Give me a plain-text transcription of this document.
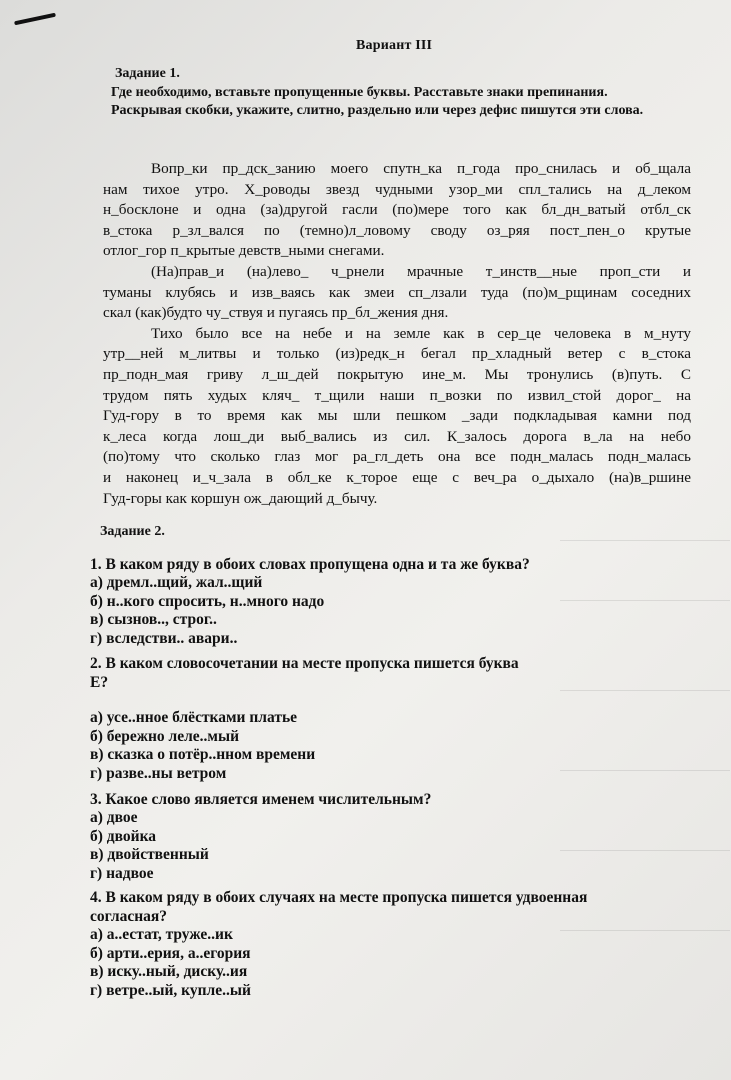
Вариант III
Задание 1.
Где необходимо, вставьте пропущенные буквы. Расставьте знаки препинания. Раскрывая скобки, укажите, слитно, раздельно или через дефис пишутся эти слова.
Вопр_ки пр_дск_занию моего спутн_ка п_года про_снилась и об_щала
нам тихое утро. Х_роводы звезд чудными узор_ми спл_тались на д_леком
н_босклоне и одна (за)другой гасли (по)мере того как бл_дн_ватый отбл_ск
в_стока р_зл_вался по (темно)л_ловому своду оз_ряя пост_пен_о крутые
отлог_гор п_крытые девств_ными снегами.
(На)прав_и (на)лево_ ч_рнели мрачные т_инств__ные проп_сти и
туманы клубясь и изв_ваясь как змеи сп_лзали туда (по)м_рщинам соседних
скал (как)будто чу_ствуя и пугаясь пр_бл_жения дня.
Тихо было все на небе и на земле как в сер_це человека в м_нуту
утр__ней м_литвы и только (из)редк_н бегал пр_хладный ветер с в_стока
пр_подн_мая гриву л_ш_дей покрытую ине_м. Мы тронулись (в)путь. С
трудом пять худых кляч_ т_щили наши п_возки по извил_стой дорог_ на
Гуд-гору в то время как мы шли пешком _зади подкладывая камни под
к_леса когда лош_ди выб_вались из сил. К_залось дорога в_ла на небо
(по)тому что сколько глаз мог ра_гл_деть она все подн_малась подн_малась
и наконец и_ч_зала в обл_ке к_торое еще с веч_ра о_дыхало (на)в_ршине
Гуд-горы как коршун ож_дающий д_бычу.
Задание 2.
1. В каком ряду в обоих словах пропущена одна и та же буква?
а) дремл..щий, жал..щий
б) н..кого спросить, н..много надо
в) сызнов.., строг..
г) вследстви.. авари..
2. В каком словосочетании на месте пропуска пишется буква Е?
а) усе..нное блёстками платье
б) бережно леле..мый
в) сказка о потёр..нном времени
г) разве..ны ветром
3. Какое слово является именем числительным?
а) двое
б) двойка
в) двойственный
г) надвое
4. В каком ряду в обоих случаях на месте пропуска пишется удвоенная согласная?
а) а..естат, труже..ик
б) арти..ерия, а..егория
в) иску..ный, диску..ия
г) ветре..ый, купле..ый
